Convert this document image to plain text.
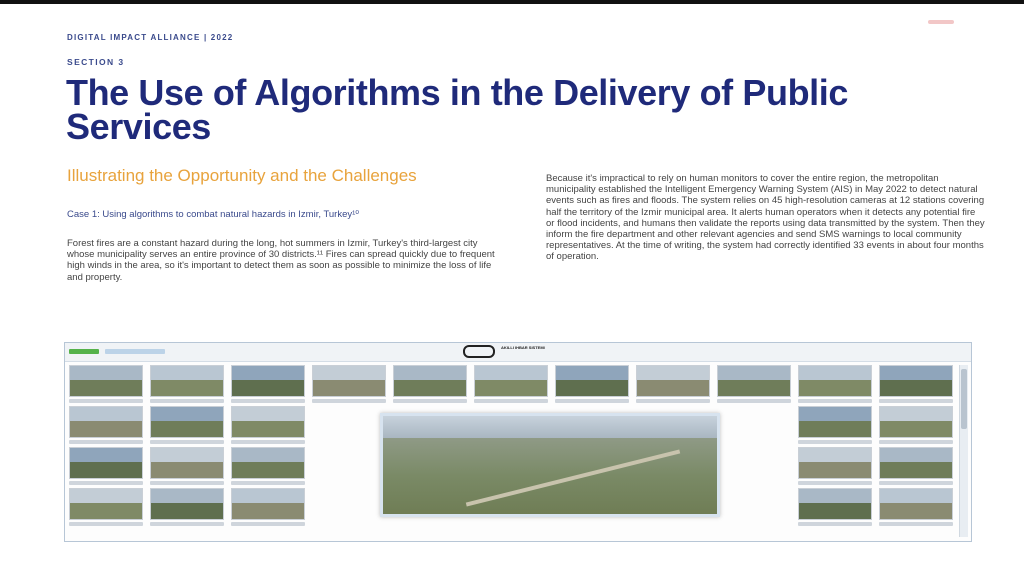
DIGITAL IMPACT ALLIANCE | 2022
SECTION 3
The Use of Algorithms in the Delivery of Public Services
Illustrating the Opportunity and the Challenges
Case 1: Using algorithms to combat natural hazards in Izmir, Turkey¹⁰
Forest fires are a constant hazard during the long, hot summers in Izmir, Turkey's third-largest city whose municipality serves an entire province of 30 districts.¹¹ Fires can spread quickly due to frequent high winds in the area, so it's important to detect them as soon as possible to minimize the loss of life and property.
Because it's impractical to rely on human monitors to cover the entire region, the metropolitan municipality established the Intelligent Emergency Warning System (AIS) in May 2022 to detect natural events such as fires and floods. The system relies on 45 high-resolution cameras at 12 stations covering half the territory of the Izmir municipal area. It alerts human operators when it detects any potential fire or flood incidents, and humans then validate the reports using data transmitted by the system. Then they inform the fire department and other relevant agencies and send SMS warnings to local community representatives. At the time of writing, the system had correctly identified 33 events in about four months of operation.
AKILLI IHBAR SISTEMI
